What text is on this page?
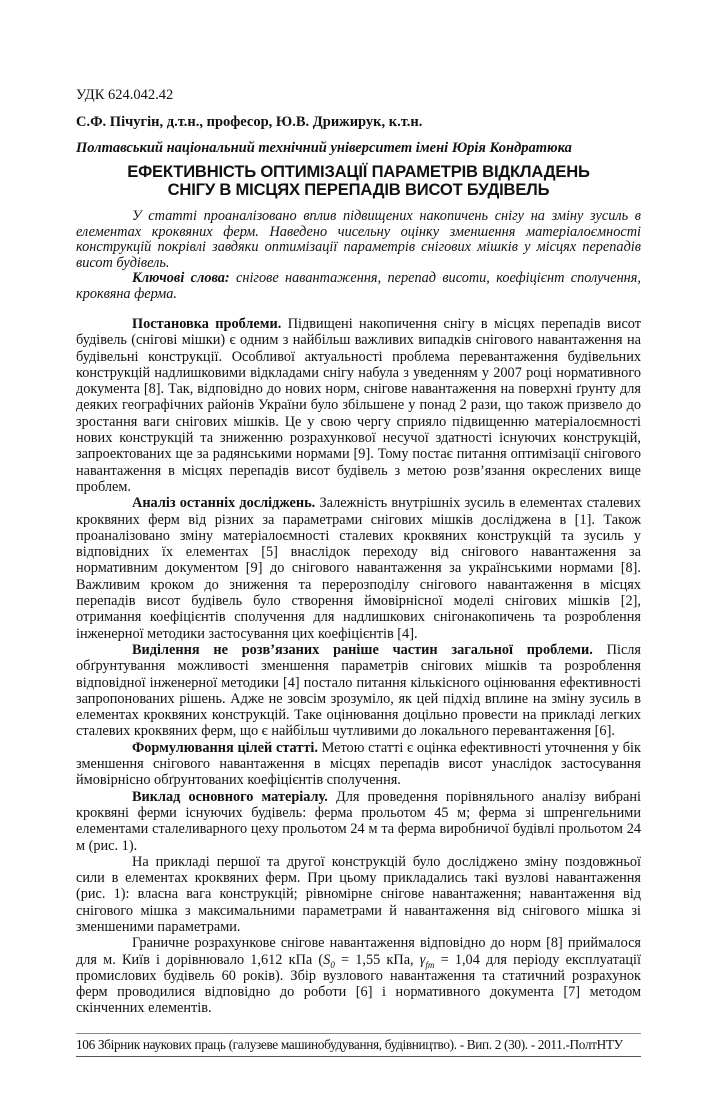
УДК 624.042.42
С.Ф. Пічугін, д.т.н., професор, Ю.В. Дрижирук, к.т.н.
Полтавський національний технічний університет імені Юрія Кондратюка
ЕФЕКТИВНІСТЬ ОПТИМІЗАЦІЇ ПАРАМЕТРІВ ВІДКЛАДЕНЬ
СНІГУ В МІСЦЯХ ПЕРЕПАДІВ ВИСОТ БУДІВЕЛЬ

У статті проаналізовано вплив підвищених накопичень снігу на зміну зусиль в елементах кроквяних ферм. Наведено чисельну оцінку зменшення матеріалоємності конструкцій покрівлі завдяки оптимізації параметрів снігових мішків у місцях перепадів висот будівель.

Ключові слова: снігове навантаження, перепад висоти, коефіцієнт сполучення, кроквяна ферма.

Постановка проблеми. Підвищені накопичення снігу в місцях перепадів висот будівель (снігові мішки) є одним з найбільш важливих випадків снігового навантаження на будівельні конструкції. Особливої актуальності проблема перевантаження будівельних конструкцій надлишковими відкладами снігу набула з уведенням у 2007 році нормативного документа [8]. Так, відповідно до нових норм, снігове навантаження на поверхні ґрунту для деяких географічних районів України було збільшене у понад 2 рази, що також призвело до зростання ваги снігових мішків. Це у свою чергу сприяло підвищенню матеріалоємності нових конструкцій та зниженню розрахункової несучої здатності існуючих конструкцій, запроектованих ще за радянськими нормами [9]. Тому постає питання оптимізації снігового навантаження в місцях перепадів висот будівель з метою розв’язання окреслених вище проблем.

Аналіз останніх досліджень. Залежність внутрішніх зусиль в елементах сталевих кроквяних ферм від різних за параметрами снігових мішків досліджена в [1]. Також проаналізовано зміну матеріалоємності сталевих кроквяних конструкцій та зусиль у відповідних їх елементах [5] внаслідок переходу від снігового навантаження за нормативним документом [9] до снігового навантаження за українськими нормами [8]. Важливим кроком до зниження та перерозподілу снігового навантаження в місцях перепадів висот будівель було створення ймовірнісної моделі снігових мішків [2], отримання коефіцієнтів сполучення для надлишкових снігонакопичень та розроблення інженерної методики застосування цих коефіцієнтів [4].

Виділення не розв’язаних раніше частин загальної проблеми. Після обґрунтування можливості зменшення параметрів снігових мішків та розроблення відповідної інженерної методики [4] постало питання кількісного оцінювання ефективності запропонованих рішень. Адже не зовсім зрозуміло, як цей підхід вплине на зміну зусиль в елементах кроквяних конструкцій. Таке оцінювання доцільно провести на прикладі легких сталевих кроквяних ферм, що є найбільш чутливими до локального перевантаження [6].

Формулювання цілей статті. Метою статті є оцінка ефективності уточнення у бік зменшення снігового навантаження в місцях перепадів висот унаслідок застосування ймовірнісно обґрунтованих коефіцієнтів сполучення.

Виклад основного матеріалу. Для проведення порівняльного аналізу вибрані кроквяні ферми існуючих будівель: ферма прольотом 45 м; ферма зі шпренгельними елементами сталеливарного цеху прольотом 24 м та ферма виробничої будівлі прольотом 24 м (рис. 1).

На прикладі першої та другої конструкцій було досліджено зміну поздовжньої сили в елементах кроквяних ферм. При цьому прикладались такі вузлові навантаження (рис. 1): власна вага конструкцій; рівномірне снігове навантаження; навантаження від снігового мішка з максимальними параметрами й навантаження від снігового мішка зі зменшеними параметрами.

Граничне розрахункове снігове навантаження відповідно до норм [8] приймалося для м. Київ і дорівнювало 1,612 кПа ($S_0 = 1,55$ кПа, $\gamma_{fm} = 1,04$ для періоду експлуатації промислових будівель 60 років). Збір вузлового навантаження та статичний розрахунок ферм проводилися відповідно до роботи [6] і нормативного документа [7] методом скінченних елементів.

106 Збірник наукових праць (галузеве машинобудування, будівництво). - Вип. 2 (30). - 2011.-ПолтНТУ
